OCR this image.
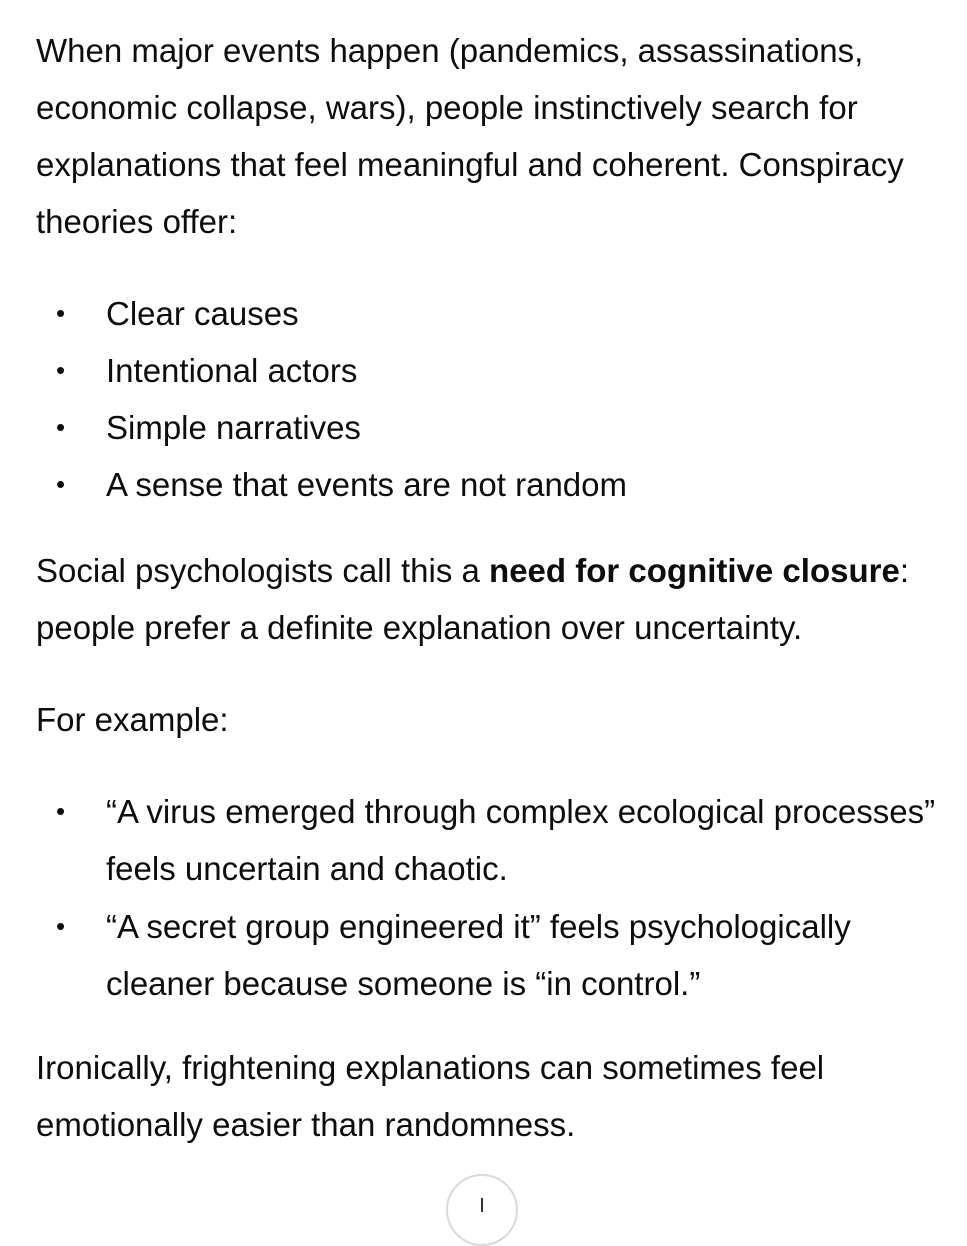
When major events happen (pandemics, assassinations, economic collapse, wars), people instinctively search for explanations that feel meaningful and coherent. Conspiracy theories offer:

• Clear causes
• Intentional actors
• Simple narratives
• A sense that events are not random

Social psychologists call this a need for cognitive closure: people prefer a definite explanation over uncertainty.

For example:

• “A virus emerged through complex ecological processes” feels uncertain and chaotic.
• “A secret group engineered it” feels psychologically cleaner because someone is “in control.”

Ironically, frightening explanations can sometimes feel emotionally easier than randomness.
